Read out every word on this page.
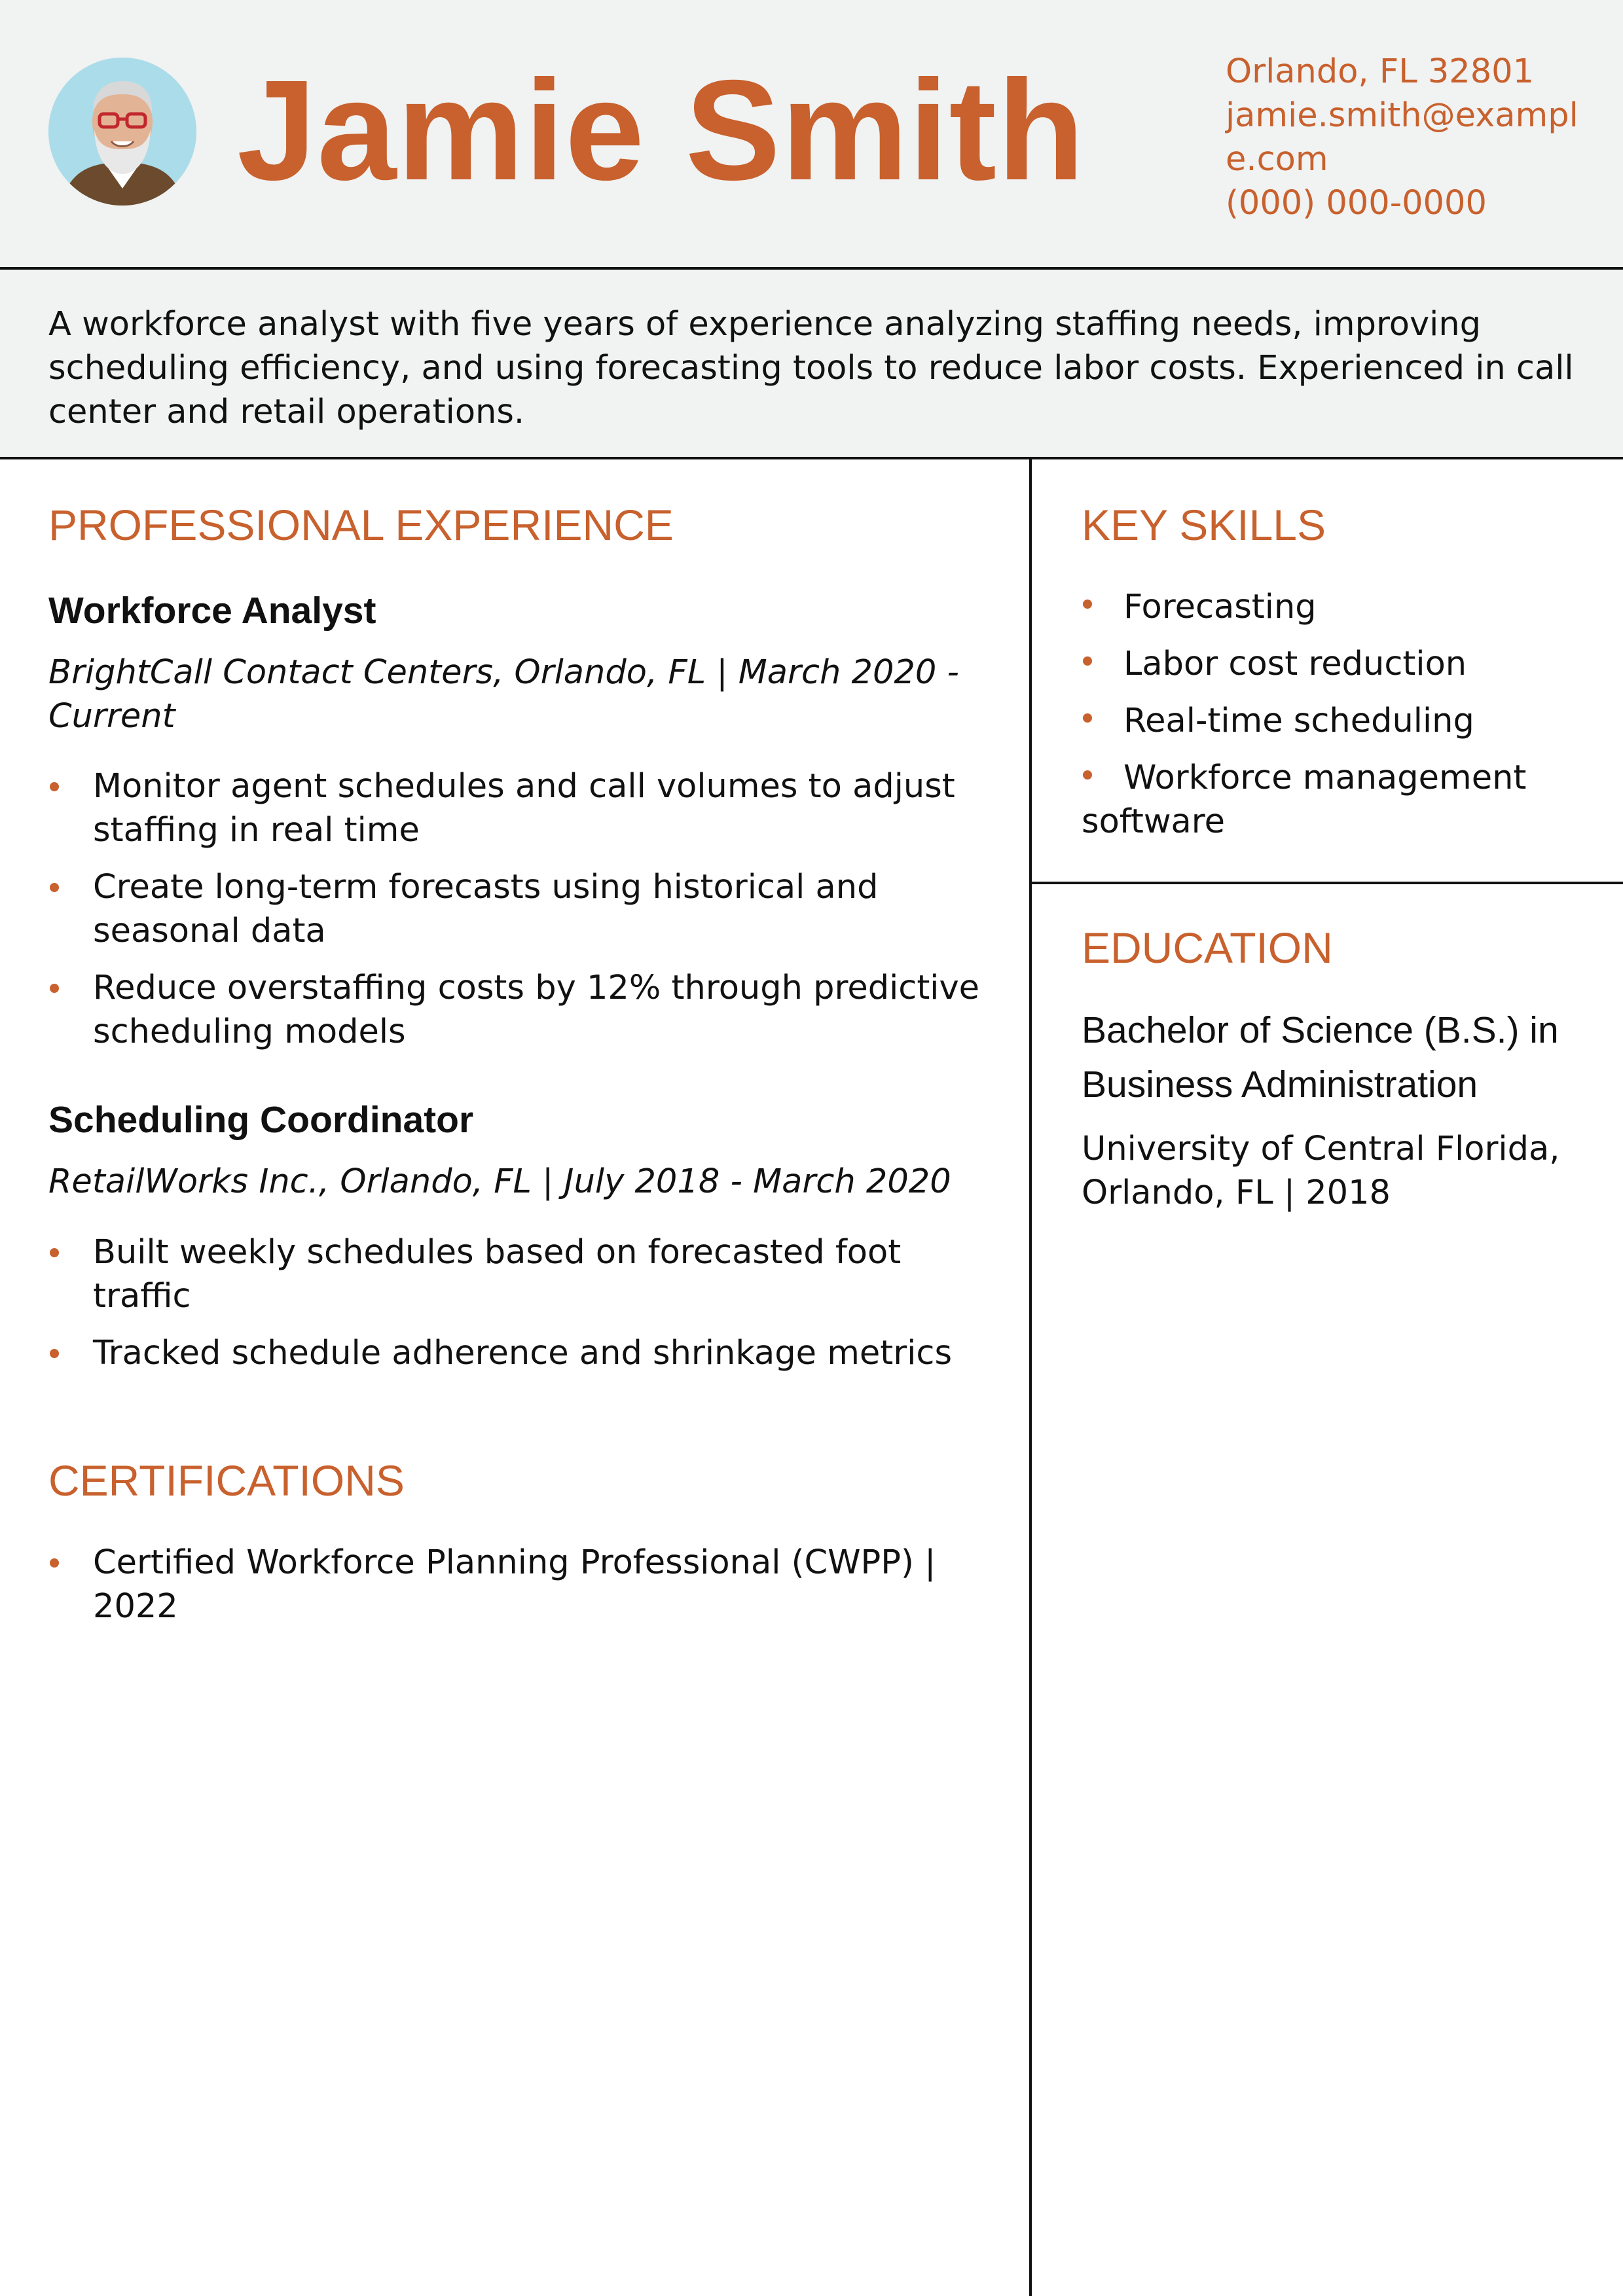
Jamie Smith	Orlando, FL 32801
jamie.smith@example.com
(000) 000-0000

A workforce analyst with five years of experience analyzing staffing needs, improving scheduling efficiency, and using forecasting tools to reduce labor costs. Experienced in call center and retail operations.

PROFESSIONAL EXPERIENCE
Workforce Analyst

BrightCall Contact Centers, Orlando, FL | March 2020 - Current

Monitor agent schedules and call volumes to adjust staffing in real time
Create long-term forecasts using historical and seasonal data
Reduce overstaffing costs by 12% through predictive scheduling models
Scheduling Coordinator

RetailWorks Inc., Orlando, FL | July 2018 - March 2020

Built weekly schedules based on forecasted foot traffic
Tracked schedule adherence and shrinkage metrics
CERTIFICATIONS
Certified Workforce Planning Professional (CWPP) | 2022
KEY SKILLS
Forecasting
Labor cost reduction
Real-time scheduling
Workforce management software
EDUCATION

Bachelor of Science (B.S.) in Business Administration

University of Central Florida, Orlando, FL | 2018
